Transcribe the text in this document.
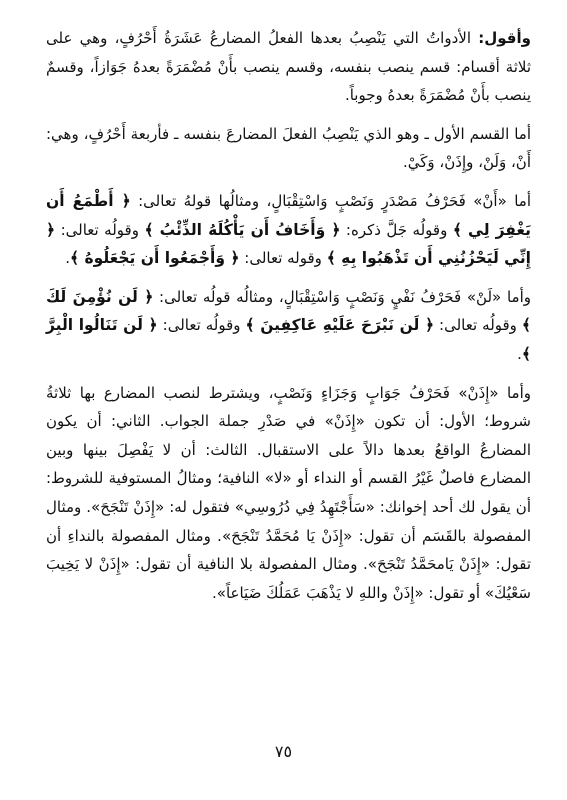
وأقول: الأدواتُ التي يَنْصِبُ بعدها الفعلُ المضارعُ عَشَرَةُ أَحْرُفٍ، وهي على ثلاثة أقسام: قسم ينصب بنفسه، وقسم ينصب بأَنْ مُضْمَرَةً بعدهُ جَوَازاً، وقسمٌ ينصب بأَنْ مُضْمَرَةً بعدهُ وجوباً.

أما القسم الأول ـ وهو الذي يَنْصِبُ الفعلَ المضارعَ بنفسه ـ فأربعة أَحْرُفٍ، وهي: أَنْ، وَلَنْ، وإِذَنْ، وَكَيْ.

أما «أَنْ» فَحَرْفُ مَصْدَرٍ وَنَصْبٍ وَاسْتِقْبَالٍ، ومثالُها قولهُ تعالى: ﴿ أَطْمَعُ أَن يَغْفِرَ لِي ﴾ وقولُه جَلَّ ذكره: ﴿ وَأَخَافُ أَن يَأْكُلَهُ الذِّئْبُ ﴾ وقولُه تعالى: ﴿ إِنِّي لَيَحْزُنُنِي أَن تَذْهَبُوا بِهِ ﴾ وقوله تعالى: ﴿ وَأَجْمَعُوا أَن يَجْعَلُوهُ ﴾.

وأما «لَنْ» فَحَرْفُ نَفْيٍ وَنَصْبٍ وَاسْتِقْبَالٍ، ومثالُه قولُه تعالى: ﴿ لَن نُؤْمِنَ لَكَ ﴾ وقولُه تعالى: ﴿ لَن نَبْرَحَ عَلَيْهِ عَاكِفِينَ ﴾ وقولُه تعالى: ﴿ لَن تَنَالُوا الْبِرَّ ﴾.

وأما «إِذَنْ» فَحَرْفُ جَوَابٍ وَجَزَاءٍ وَنَصْبٍ، ويشترط لنصب المضارع بها ثلاثةُ شروط؛ الأول: أن تكون «إِذَنْ» في صَدْرِ جملة الجواب. الثاني: أن يكون المضارعُ الواقعُ بعدها دالاً على الاستقبال. الثالث: أن لا يَفْصِلَ بينها وبين المضارع فاصلٌ غَيْرُ القسم أو النداء أو «لا» النافية؛ ومثالُ المستوفية للشروط: أن يقول لك أحد إخوانك: «سَأَجْتَهِدُ فِي دُرُوسِي» فتقول له: «إِذَنْ تَنْجَحَ». ومثال المفصولة بالقَسَم أن تقول: «إِذَنْ يَا مُحَمَّدُ تَنْجَحَ». ومثال المفصولة بالنداءِ أن تقول: «إِذَنْ يَامحَمَّدُ تَنْجَحَ». ومثال المفصولة بلا النافية أن تقول: «إِذَنْ لا يَخِيبَ سَعْيُكَ» أو تقول: «إِذَنْ واللهِ لا يَذْهَبَ عَمَلُكَ ضَيَاعاً».

٧٥
